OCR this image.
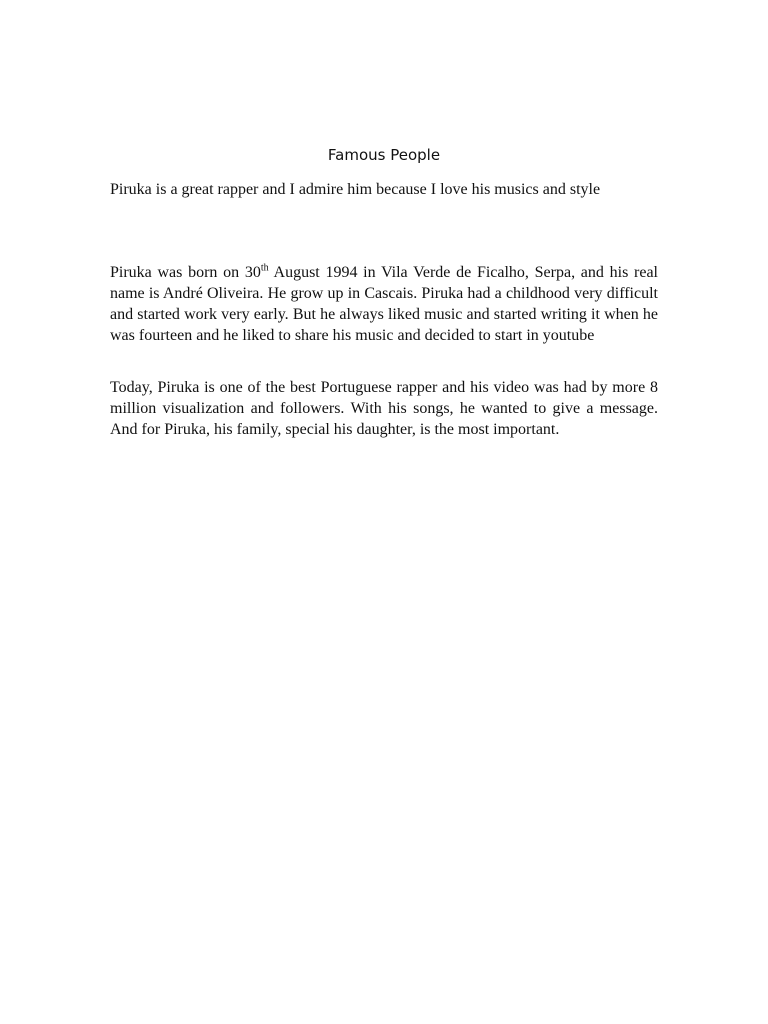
Famous People

Piruka is a great rapper and I admire him because I love his musics and style

Piruka was born on 30th August 1994 in Vila Verde de Ficalho, Serpa, and his real name is André Oliveira. He grow up in Cascais. Piruka had a childhood very difficult and started work very early. But he always liked music and started writing it when he was fourteen and he liked to share his music and decided to start in youtube

Today, Piruka is one of the best Portuguese rapper and his video was had by more 8 million visualization and followers. With his songs, he wanted to give a message. And for Piruka, his family, special his daughter, is the most important.
